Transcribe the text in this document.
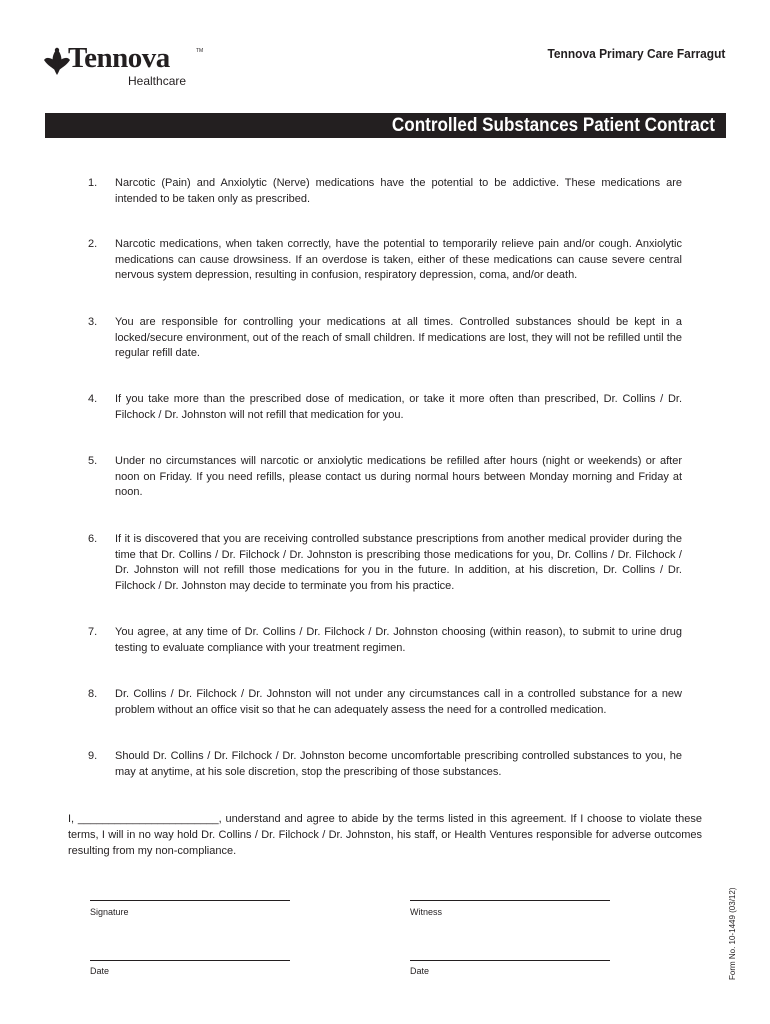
Tennova	TM
Healthcare
Tennova Primary Care Farragut
Controlled Substances Patient Contract
1. Narcotic (Pain) and Anxiolytic (Nerve) medications have the potential to be addictive. These medications are intended to be taken only as prescribed.
2. Narcotic medications, when taken correctly, have the potential to temporarily relieve pain and/or cough. Anxiolytic medications can cause drowsiness. If an overdose is taken, either of these medications can cause severe central nervous system depression, resulting in confusion, respiratory depression, coma, and/or death.
3. You are responsible for controlling your medications at all times. Controlled substances should be kept in a locked/secure environment, out of the reach of small children. If medications are lost, they will not be refilled until the regular refill date.
4. If you take more than the prescribed dose of medication, or take it more often than prescribed, Dr. Collins / Dr. Filchock / Dr. Johnston will not refill that medication for you.
5. Under no circumstances will narcotic or anxiolytic medications be refilled after hours (night or weekends) or after noon on Friday. If you need refills, please contact us during normal hours between Monday morning and Friday at noon.
6. If it is discovered that you are receiving controlled substance prescriptions from another medical provider during the time that Dr. Collins / Dr. Filchock / Dr. Johnston is prescribing those medications for you, Dr. Collins / Dr. Filchock / Dr. Johnston will not refill those medications for you in the future. In addition, at his discretion, Dr. Collins / Dr. Filchock / Dr. Johnston may decide to terminate you from his practice.
7. You agree, at any time of Dr. Collins / Dr. Filchock / Dr. Johnston choosing (within reason), to submit to urine drug testing to evaluate compliance with your treatment regimen.
8. Dr. Collins / Dr. Filchock / Dr. Johnston will not under any circumstances call in a controlled substance for a new problem without an office visit so that he can adequately assess the need for a controlled medication.
9. Should Dr. Collins / Dr. Filchock / Dr. Johnston become uncomfortable prescribing controlled substances to you, he may at anytime, at his sole discretion, stop the prescribing of those substances.

I, _______________________, understand and agree to abide by the terms listed in this agreement. If I choose to violate these terms, I will in no way hold Dr. Collins / Dr. Filchock / Dr. Johnston, his staff, or Health Ventures responsible for adverse outcomes resulting from my non-compliance.

Signature	Witness
Date	Date	Form No. 10-1449 (03/12)
